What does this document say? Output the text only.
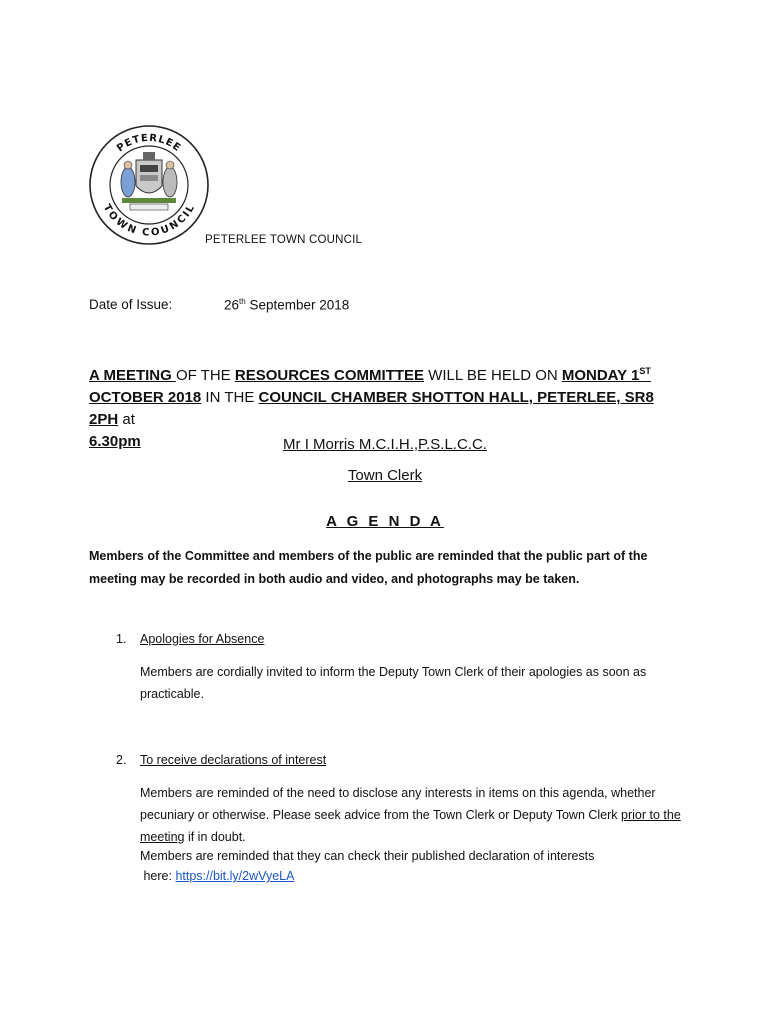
PETERLEE
TOWN COUNCIL
PETERLEE TOWN COUNCIL
Date of Issue:	26th September 2018
A MEETING OF THE RESOURCES COMMITTEE WILL BE HELD ON MONDAY 1ST
OCTOBER 2018 IN THE COUNCIL CHAMBER SHOTTON HALL, PETERLEE, SR8 2PH at
6.30pm	Mr I Morris M.C.I.H.,P.S.L.C.C.
Town Clerk
A G E N D A
Members of the Committee and members of the public are reminded that the public part of the meeting may be recorded in both audio and video, and photographs may be taken.
1. Apologies for Absence
Members are cordially invited to inform the Deputy Town Clerk of their apologies as soon as practicable.
2. To receive declarations of interest
Members are reminded of the need to disclose any interests in items on this agenda, whether pecuniary or otherwise. Please seek advice from the Town Clerk or Deputy Town Clerk prior to the meeting if in doubt.
Members are reminded that they can check their published declaration of interests
here: https://bit.ly/2wVyeLA
